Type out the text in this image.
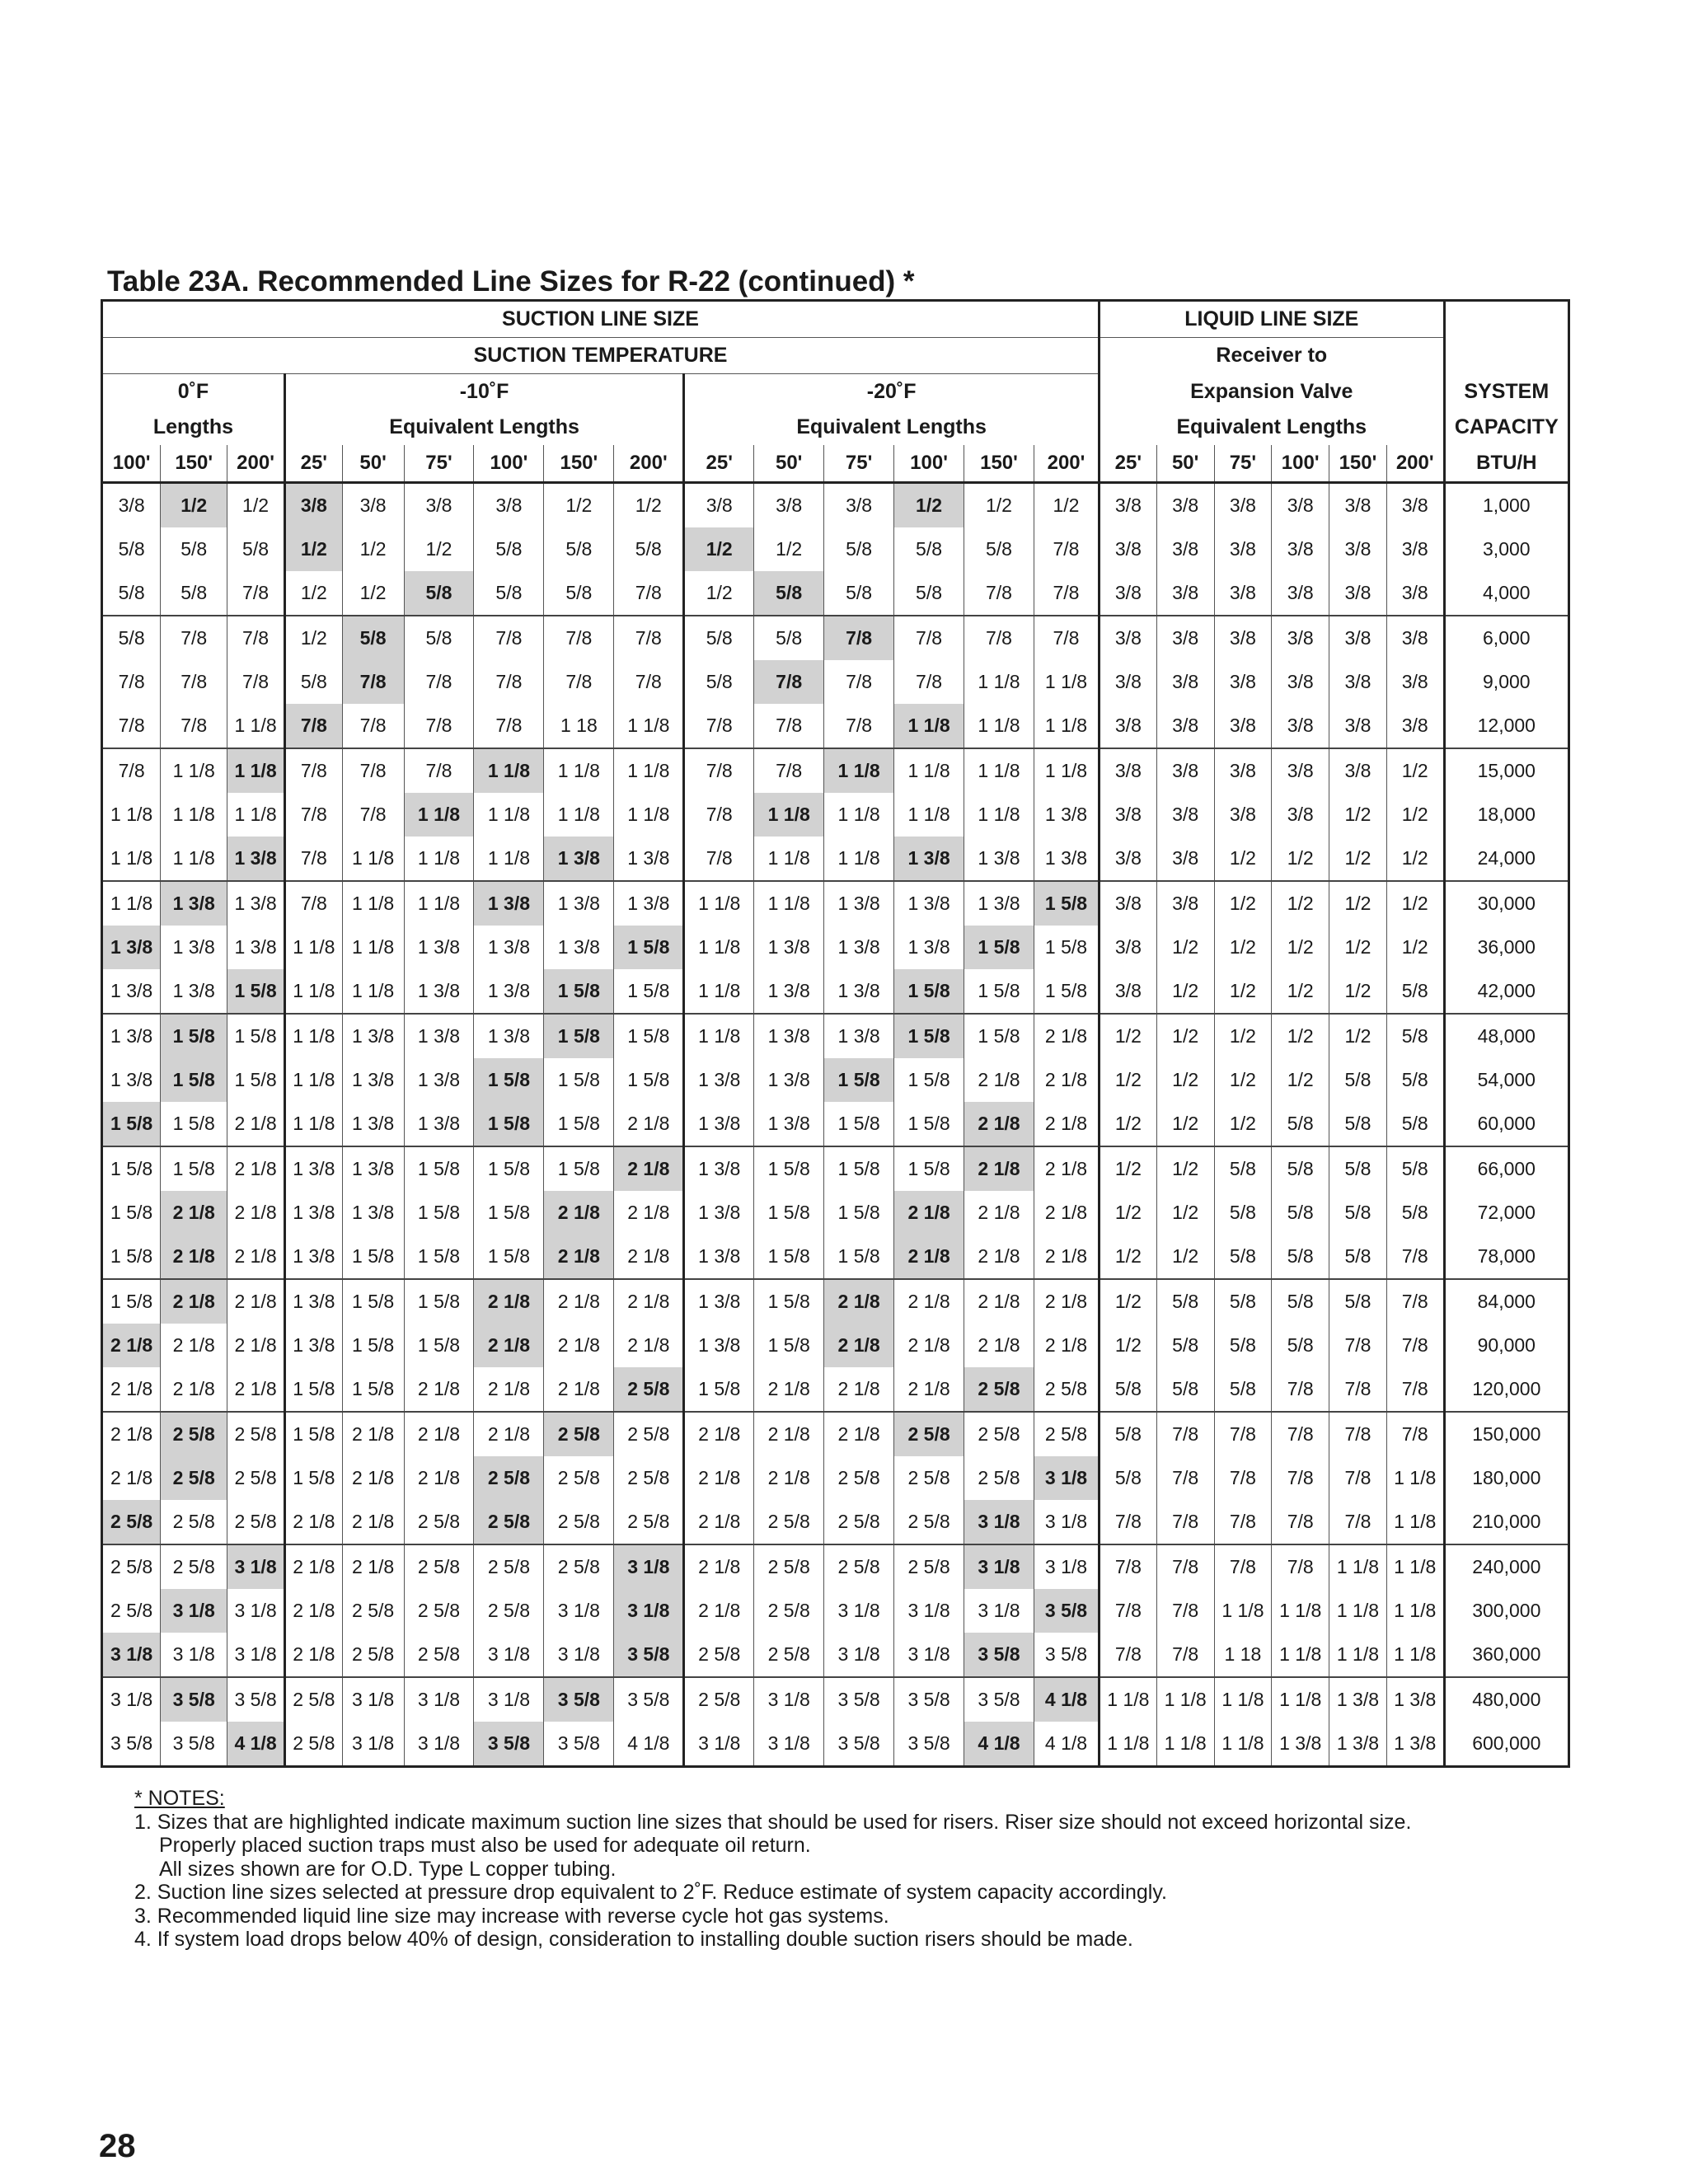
Table 23A. Recommended Line Sizes for R-22 (continued) *
SUCTION LINE SIZE															LIQUID LINE SIZE						
SUCTION TEMPERATURE															Receiver to						
0˚F			-10˚F						-20˚F						Expansion Valve						SYSTEM
Lengths			Equivalent Lengths						Equivalent Lengths						Equivalent Lengths						CAPACITY
100'	150'	200'	25'	50'	75'	100'	150'	200'	25'	50'	75'	100'	150'	200'	25'	50'	75'	100'	150'	200'	BTU/H
3/8	1/2	1/2	3/8	3/8	3/8	3/8	1/2	1/2	3/8	3/8	3/8	1/2	1/2	1/2	3/8	3/8	3/8	3/8	3/8	3/8	1,000
5/8	5/8	5/8	1/2	1/2	1/2	5/8	5/8	5/8	1/2	1/2	5/8	5/8	5/8	7/8	3/8	3/8	3/8	3/8	3/8	3/8	3,000
5/8	5/8	7/8	1/2	1/2	5/8	5/8	5/8	7/8	1/2	5/8	5/8	5/8	7/8	7/8	3/8	3/8	3/8	3/8	3/8	3/8	4,000
5/8	7/8	7/8	1/2	5/8	5/8	7/8	7/8	7/8	5/8	5/8	7/8	7/8	7/8	7/8	3/8	3/8	3/8	3/8	3/8	3/8	6,000
7/8	7/8	7/8	5/8	7/8	7/8	7/8	7/8	7/8	5/8	7/8	7/8	7/8	1 1/8	1 1/8	3/8	3/8	3/8	3/8	3/8	3/8	9,000
7/8	7/8	1 1/8	7/8	7/8	7/8	7/8	1 18	1 1/8	7/8	7/8	7/8	1 1/8	1 1/8	1 1/8	3/8	3/8	3/8	3/8	3/8	3/8	12,000
7/8	1 1/8	1 1/8	7/8	7/8	7/8	1 1/8	1 1/8	1 1/8	7/8	7/8	1 1/8	1 1/8	1 1/8	1 1/8	3/8	3/8	3/8	3/8	3/8	1/2	15,000
1 1/8	1 1/8	1 1/8	7/8	7/8	1 1/8	1 1/8	1 1/8	1 1/8	7/8	1 1/8	1 1/8	1 1/8	1 1/8	1 3/8	3/8	3/8	3/8	3/8	1/2	1/2	18,000
1 1/8	1 1/8	1 3/8	7/8	1 1/8	1 1/8	1 1/8	1 3/8	1 3/8	7/8	1 1/8	1 1/8	1 3/8	1 3/8	1 3/8	3/8	3/8	1/2	1/2	1/2	1/2	24,000
1 1/8	1 3/8	1 3/8	7/8	1 1/8	1 1/8	1 3/8	1 3/8	1 3/8	1 1/8	1 1/8	1 3/8	1 3/8	1 3/8	1 5/8	3/8	3/8	1/2	1/2	1/2	1/2	30,000
1 3/8	1 3/8	1 3/8	1 1/8	1 1/8	1 3/8	1 3/8	1 3/8	1 5/8	1 1/8	1 3/8	1 3/8	1 3/8	1 5/8	1 5/8	3/8	1/2	1/2	1/2	1/2	1/2	36,000
1 3/8	1 3/8	1 5/8	1 1/8	1 1/8	1 3/8	1 3/8	1 5/8	1 5/8	1 1/8	1 3/8	1 3/8	1 5/8	1 5/8	1 5/8	3/8	1/2	1/2	1/2	1/2	5/8	42,000
1 3/8	1 5/8	1 5/8	1 1/8	1 3/8	1 3/8	1 3/8	1 5/8	1 5/8	1 1/8	1 3/8	1 3/8	1 5/8	1 5/8	2 1/8	1/2	1/2	1/2	1/2	1/2	5/8	48,000
1 3/8	1 5/8	1 5/8	1 1/8	1 3/8	1 3/8	1 5/8	1 5/8	1 5/8	1 3/8	1 3/8	1 5/8	1 5/8	2 1/8	2 1/8	1/2	1/2	1/2	1/2	5/8	5/8	54,000
1 5/8	1 5/8	2 1/8	1 1/8	1 3/8	1 3/8	1 5/8	1 5/8	2 1/8	1 3/8	1 3/8	1 5/8	1 5/8	2 1/8	2 1/8	1/2	1/2	1/2	5/8	5/8	5/8	60,000
1 5/8	1 5/8	2 1/8	1 3/8	1 3/8	1 5/8	1 5/8	1 5/8	2 1/8	1 3/8	1 5/8	1 5/8	1 5/8	2 1/8	2 1/8	1/2	1/2	5/8	5/8	5/8	5/8	66,000
1 5/8	2 1/8	2 1/8	1 3/8	1 3/8	1 5/8	1 5/8	2 1/8	2 1/8	1 3/8	1 5/8	1 5/8	2 1/8	2 1/8	2 1/8	1/2	1/2	5/8	5/8	5/8	5/8	72,000
1 5/8	2 1/8	2 1/8	1 3/8	1 5/8	1 5/8	1 5/8	2 1/8	2 1/8	1 3/8	1 5/8	1 5/8	2 1/8	2 1/8	2 1/8	1/2	1/2	5/8	5/8	5/8	7/8	78,000
1 5/8	2 1/8	2 1/8	1 3/8	1 5/8	1 5/8	2 1/8	2 1/8	2 1/8	1 3/8	1 5/8	2 1/8	2 1/8	2 1/8	2 1/8	1/2	5/8	5/8	5/8	5/8	7/8	84,000
2 1/8	2 1/8	2 1/8	1 3/8	1 5/8	1 5/8	2 1/8	2 1/8	2 1/8	1 3/8	1 5/8	2 1/8	2 1/8	2 1/8	2 1/8	1/2	5/8	5/8	5/8	7/8	7/8	90,000
2 1/8	2 1/8	2 1/8	1 5/8	1 5/8	2 1/8	2 1/8	2 1/8	2 5/8	1 5/8	2 1/8	2 1/8	2 1/8	2 5/8	2 5/8	5/8	5/8	5/8	7/8	7/8	7/8	120,000
2 1/8	2 5/8	2 5/8	1 5/8	2 1/8	2 1/8	2 1/8	2 5/8	2 5/8	2 1/8	2 1/8	2 1/8	2 5/8	2 5/8	2 5/8	5/8	7/8	7/8	7/8	7/8	7/8	150,000
2 1/8	2 5/8	2 5/8	1 5/8	2 1/8	2 1/8	2 5/8	2 5/8	2 5/8	2 1/8	2 1/8	2 5/8	2 5/8	2 5/8	3 1/8	5/8	7/8	7/8	7/8	7/8	1 1/8	180,000
2 5/8	2 5/8	2 5/8	2 1/8	2 1/8	2 5/8	2 5/8	2 5/8	2 5/8	2 1/8	2 5/8	2 5/8	2 5/8	3 1/8	3 1/8	7/8	7/8	7/8	7/8	7/8	1 1/8	210,000
2 5/8	2 5/8	3 1/8	2 1/8	2 1/8	2 5/8	2 5/8	2 5/8	3 1/8	2 1/8	2 5/8	2 5/8	2 5/8	3 1/8	3 1/8	7/8	7/8	7/8	7/8	1 1/8	1 1/8	240,000
2 5/8	3 1/8	3 1/8	2 1/8	2 5/8	2 5/8	2 5/8	3 1/8	3 1/8	2 1/8	2 5/8	3 1/8	3 1/8	3 1/8	3 5/8	7/8	7/8	1 1/8	1 1/8	1 1/8	1 1/8	300,000
3 1/8	3 1/8	3 1/8	2 1/8	2 5/8	2 5/8	3 1/8	3 1/8	3 5/8	2 5/8	2 5/8	3 1/8	3 1/8	3 5/8	3 5/8	7/8	7/8	1 18	1 1/8	1 1/8	1 1/8	360,000
3 1/8	3 5/8	3 5/8	2 5/8	3 1/8	3 1/8	3 1/8	3 5/8	3 5/8	2 5/8	3 1/8	3 5/8	3 5/8	3 5/8	4 1/8	1 1/8	1 1/8	1 1/8	1 1/8	1 3/8	1 3/8	480,000
3 5/8	3 5/8	4 1/8	2 5/8	3 1/8	3 1/8	3 5/8	3 5/8	4 1/8	3 1/8	3 1/8	3 5/8	3 5/8	4 1/8	4 1/8	1 1/8	1 1/8	1 1/8	1 3/8	1 3/8	1 3/8	600,000
* NOTES:
1. Sizes that are highlighted indicate maximum suction line sizes that should be used for risers. Riser size should not exceed horizontal size.
Properly placed suction traps must also be used for adequate oil return.
All sizes shown are for O.D. Type L copper tubing.
2. Suction line sizes selected at pressure drop equivalent to 2˚F. Reduce estimate of system capacity accordingly.
3. Recommended liquid line size may increase with reverse cycle hot gas systems.
4. If system load drops below 40% of design, consideration to installing double suction risers should be made.
28
